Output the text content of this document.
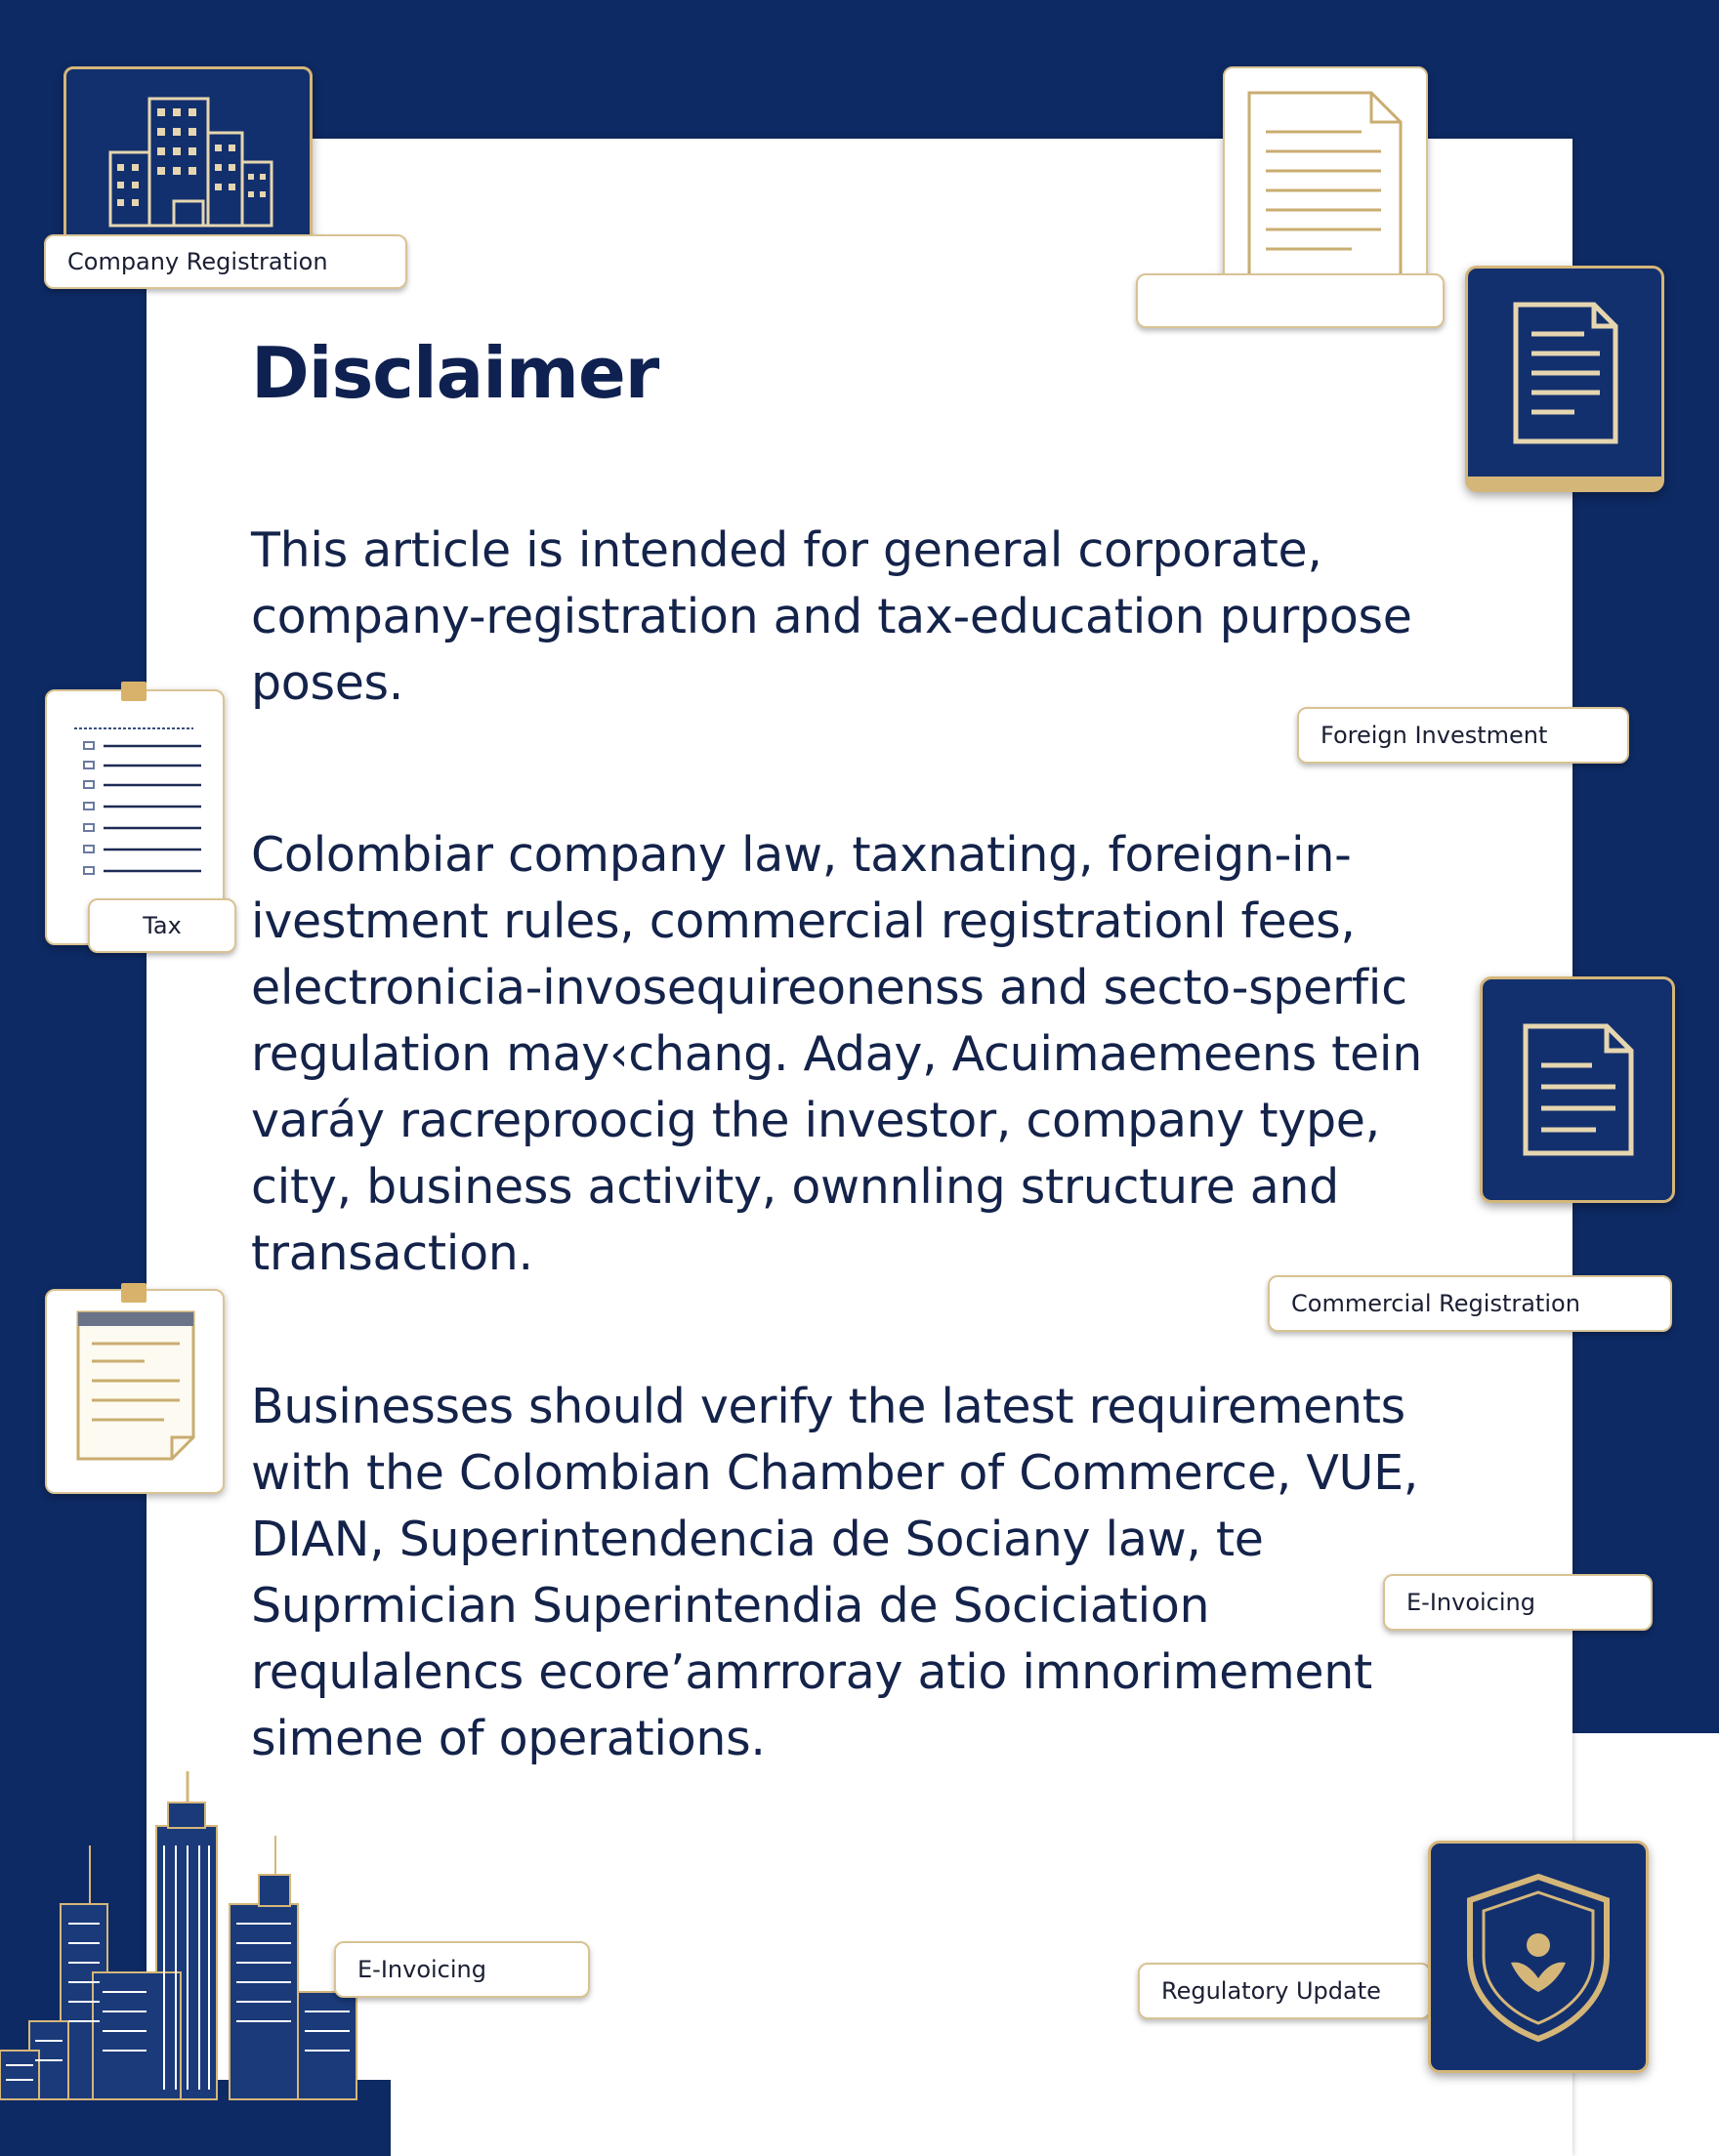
Disclaimer

This article is intended for general corporate, company-registration and tax-education purpose poses.

Colombiar company law, taxnating, foreign-in- ivestment rules, commercial registrationl fees, electronicia-invosequireonenss and secto-sperfic regulation may‹chang. Aday, Acuimaemeens tein varáy racreproocig the investor, company type, city, business activity, ownnling structure and transaction.

Businesses should verify the latest requirements with the Colombian Chamber of Commerce, VUE, DIAN, Superintendencia de Sociany law, te Suprmician Superintendia de Sociciation requlalencs ecore’amrroray atio imnorimement simene of operations.

Company Registration
Foreign Investment
Tax
Commercial Registration
E-Invoicing
E-Invoicing
Regulatory Update
